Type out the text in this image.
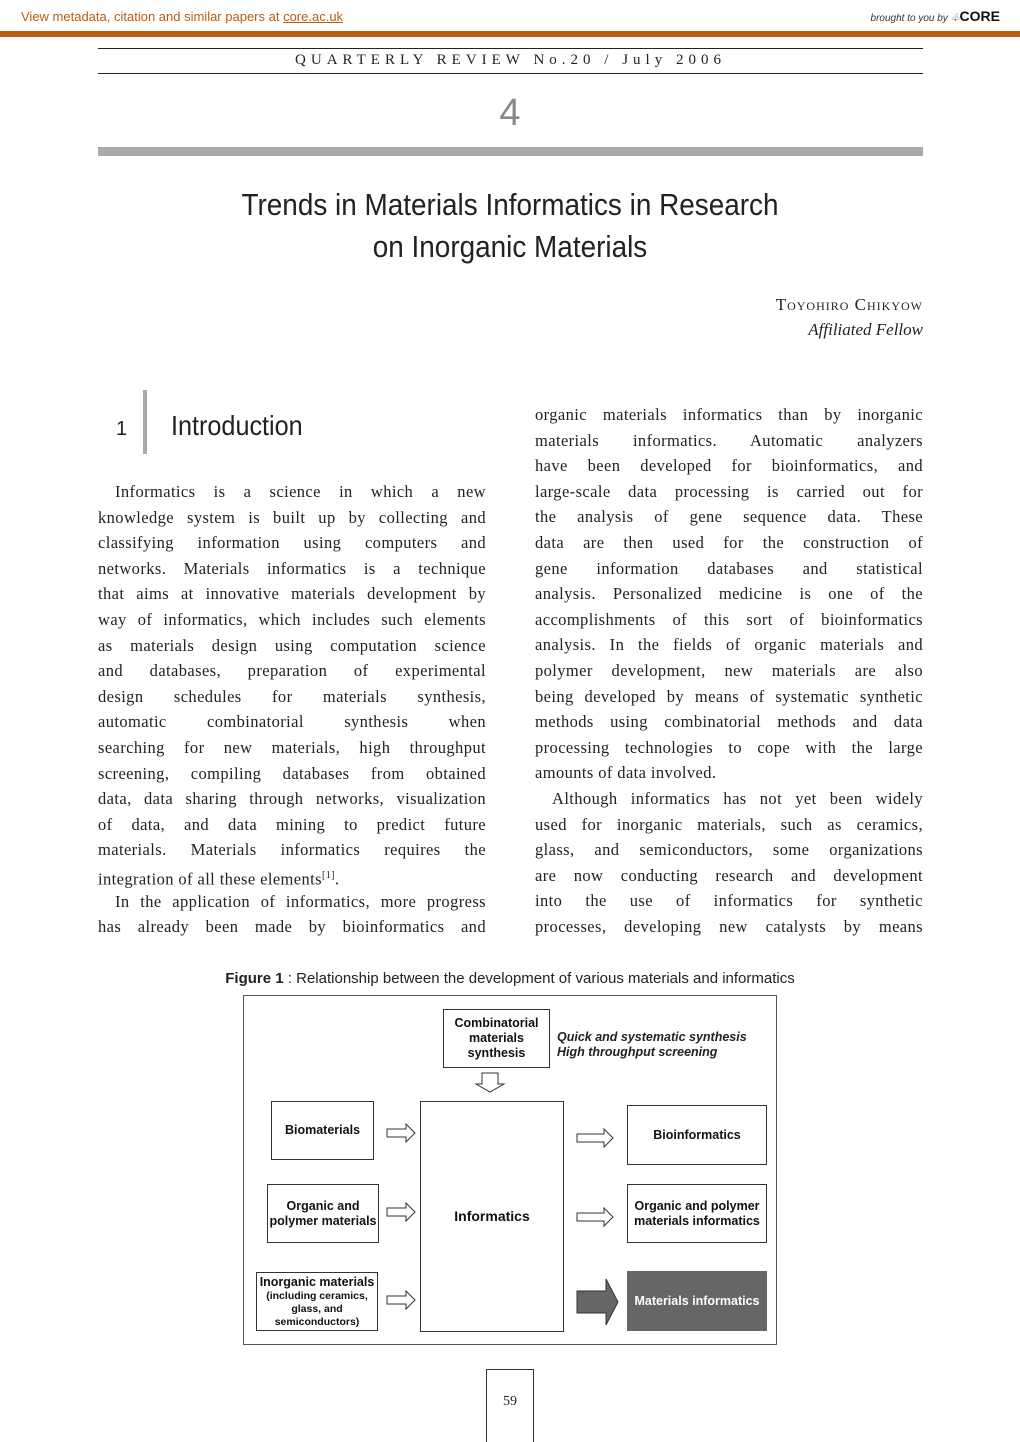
View metadata, citation and similar papers at core.ac.uk	brought to you by ♧CORE
QUARTERLY REVIEW No.20 / July 2006
4
Trends in Materials Informatics in Research
on Inorganic Materials
Toyohiro Chikyow
Affiliated Fellow
1 Introduction
Informatics is a science in which a new
knowledge system is built up by collecting and
classifying information using computers and
networks. Materials informatics is a technique
that aims at innovative materials development by
way of informatics, which includes such elements
as materials design using computation science
and databases, preparation of experimental
design schedules for materials synthesis,
automatic combinatorial synthesis when
searching for new materials, high throughput
screening, compiling databases from obtained
data, data sharing through networks, visualization
of data, and data mining to predict future
materials. Materials informatics requires the
integration of all these elements[1].
In the application of informatics, more progress
has already been made by bioinformatics and
organic materials informatics than by inorganic
materials informatics. Automatic analyzers
have been developed for bioinformatics, and
large-scale data processing is carried out for
the analysis of gene sequence data. These
data are then used for the construction of
gene information databases and statistical
analysis. Personalized medicine is one of the
accomplishments of this sort of bioinformatics
analysis. In the fields of organic materials and
polymer development, new materials are also
being developed by means of systematic synthetic
methods using combinatorial methods and data
processing technologies to cope with the large
amounts of data involved.
Although informatics has not yet been widely
used for inorganic materials, such as ceramics,
glass, and semiconductors, some organizations
are now conducting research and development
into the use of informatics for synthetic
processes, developing new catalysts by means
Figure 1 : Relationship between the development of various materials and informatics
Combinatorial materials synthesis
Quick and systematic synthesis
High throughput screening
Biomaterials
Organic and polymer materials
Inorganic materials
(including ceramics, glass, and semiconductors)
Informatics
Bioinformatics
Organic and polymer materials informatics
Materials informatics
59
